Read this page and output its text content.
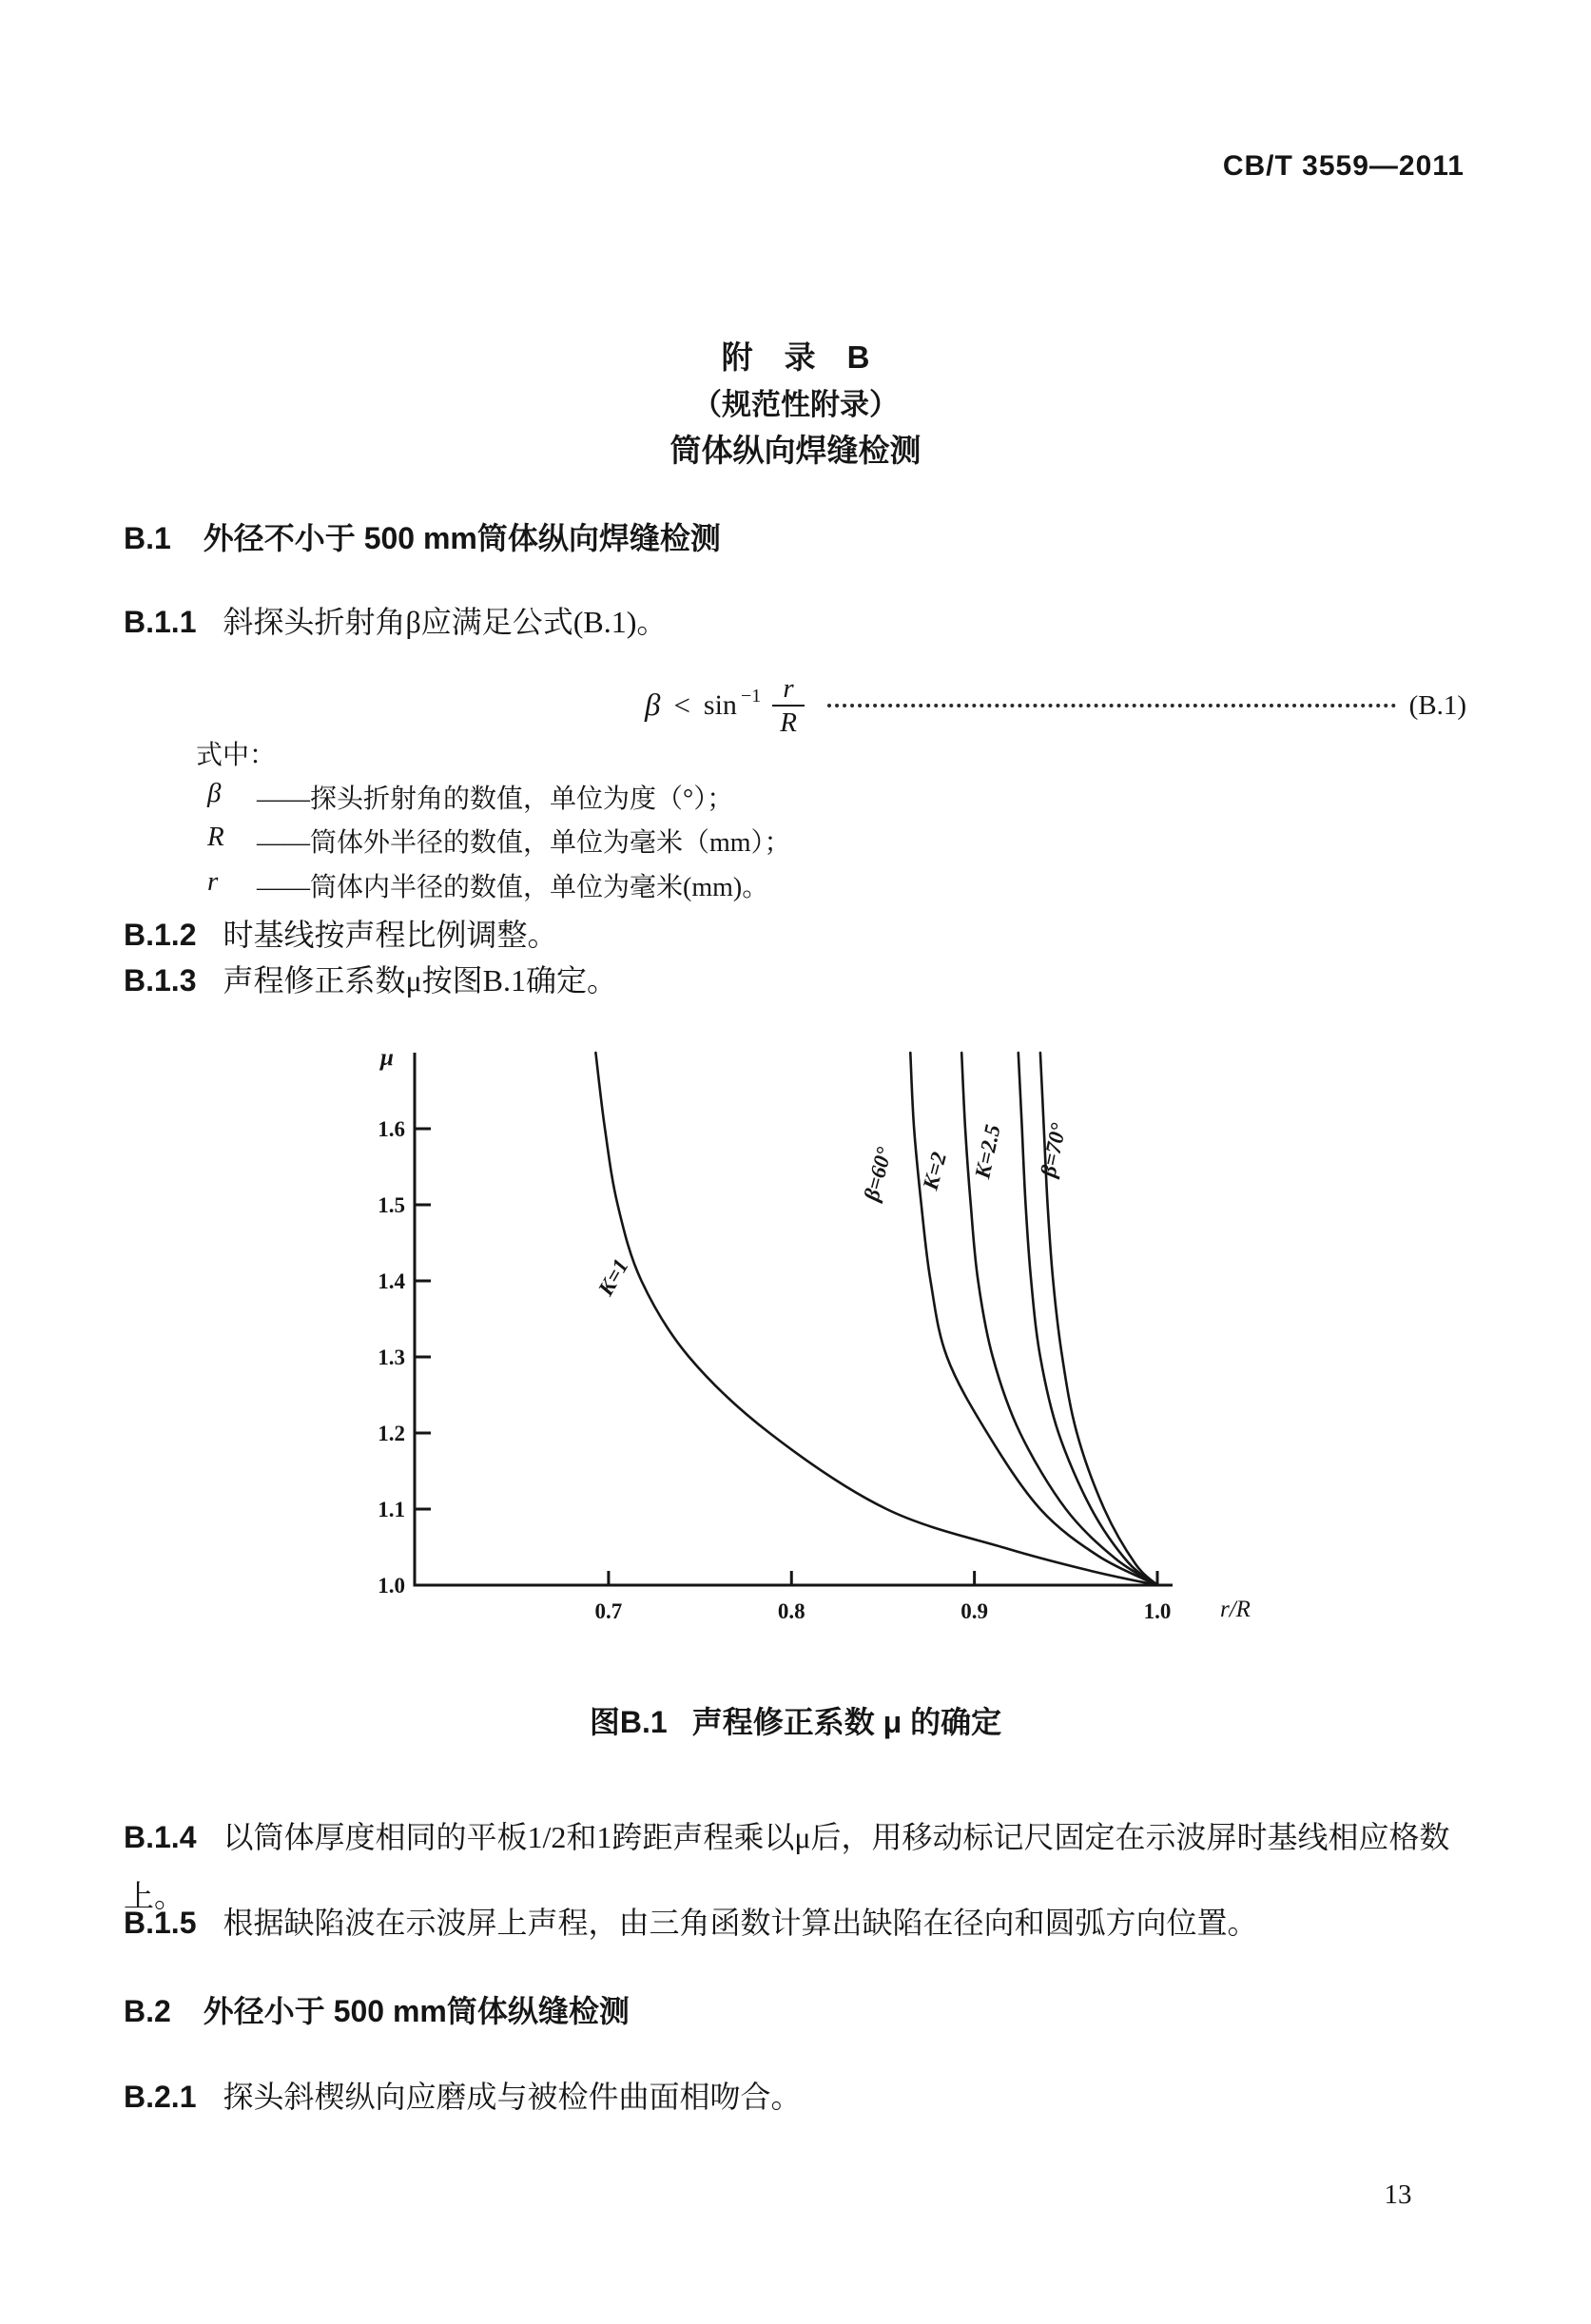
CB/T 3559—2011
附　录　B
（规范性附录）
筒体纵向焊缝检测
B.1 外径不小于 500 mm筒体纵向焊缝检测
B.1.1 斜探头折射角β应满足公式(B.1)。
$\beta < \sin -1 \frac{r}{R}$	(B.1)
式中：
β	——探头折射角的数值，单位为度（°）；
R	——筒体外半径的数值，单位为毫米（mm）；
r	——筒体内半径的数值，单位为毫米(mm)。
B.1.2 时基线按声程比例调整。
B.1.3 声程修正系数μ按图B.1确定。
1.0
1.1
1.2
1.3
1.4
1.5
1.6
0.7	0.8	0.9	1.0
μ
r/R
K=1
β=60° K=2 K=2.5 β=70°
图B.1 声程修正系数 μ 的确定
B.1.4 以筒体厚度相同的平板1/2和1跨距声程乘以μ后，用移动标记尺固定在示波屏时基线相应格数上。
B.1.5 根据缺陷波在示波屏上声程，由三角函数计算出缺陷在径向和圆弧方向位置。
B.2 外径小于 500 mm筒体纵缝检测
B.2.1 探头斜楔纵向应磨成与被检件曲面相吻合。
13
